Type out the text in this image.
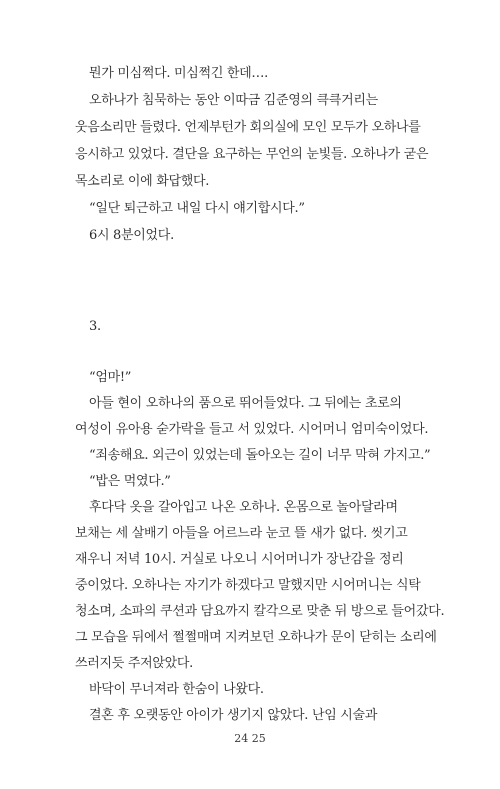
뭔가 미심쩍다. 미심쩍긴 한데….
오하나가 침묵하는 동안 이따금 김준영의 큭큭거리는
웃음소리만 들렸다. 언제부턴가 회의실에 모인 모두가 오하나를
응시하고 있었다. 결단을 요구하는 무언의 눈빛들. 오하나가 굳은
목소리로 이에 화답했다.
“일단 퇴근하고 내일 다시 얘기합시다.”
6시 8분이었다.
3.
“엄마!”
아들 현이 오하나의 품으로 뛰어들었다. 그 뒤에는 초로의
여성이 유아용 숟가락을 들고 서 있었다. 시어머니 엄미숙이었다.
“죄송해요. 외근이 있었는데 돌아오는 길이 너무 막혀 가지고.”
“밥은 먹였다.”
후다닥 옷을 갈아입고 나온 오하나. 온몸으로 놀아달라며
보채는 세 살배기 아들을 어르느라 눈코 뜰 새가 없다. 씻기고
재우니 저녁 10시. 거실로 나오니 시어머니가 장난감을 정리
중이었다. 오하나는 자기가 하겠다고 말했지만 시어머니는 식탁
청소며, 소파의 쿠션과 담요까지 칼각으로 맞춘 뒤 방으로 들어갔다.
그 모습을 뒤에서 쩔쩔매며 지켜보던 오하나가 문이 닫히는 소리에
쓰러지듯 주저앉았다.
바닥이 무너져라 한숨이 나왔다.
결혼 후 오랫동안 아이가 생기지 않았다. 난임 시술과
24 25
